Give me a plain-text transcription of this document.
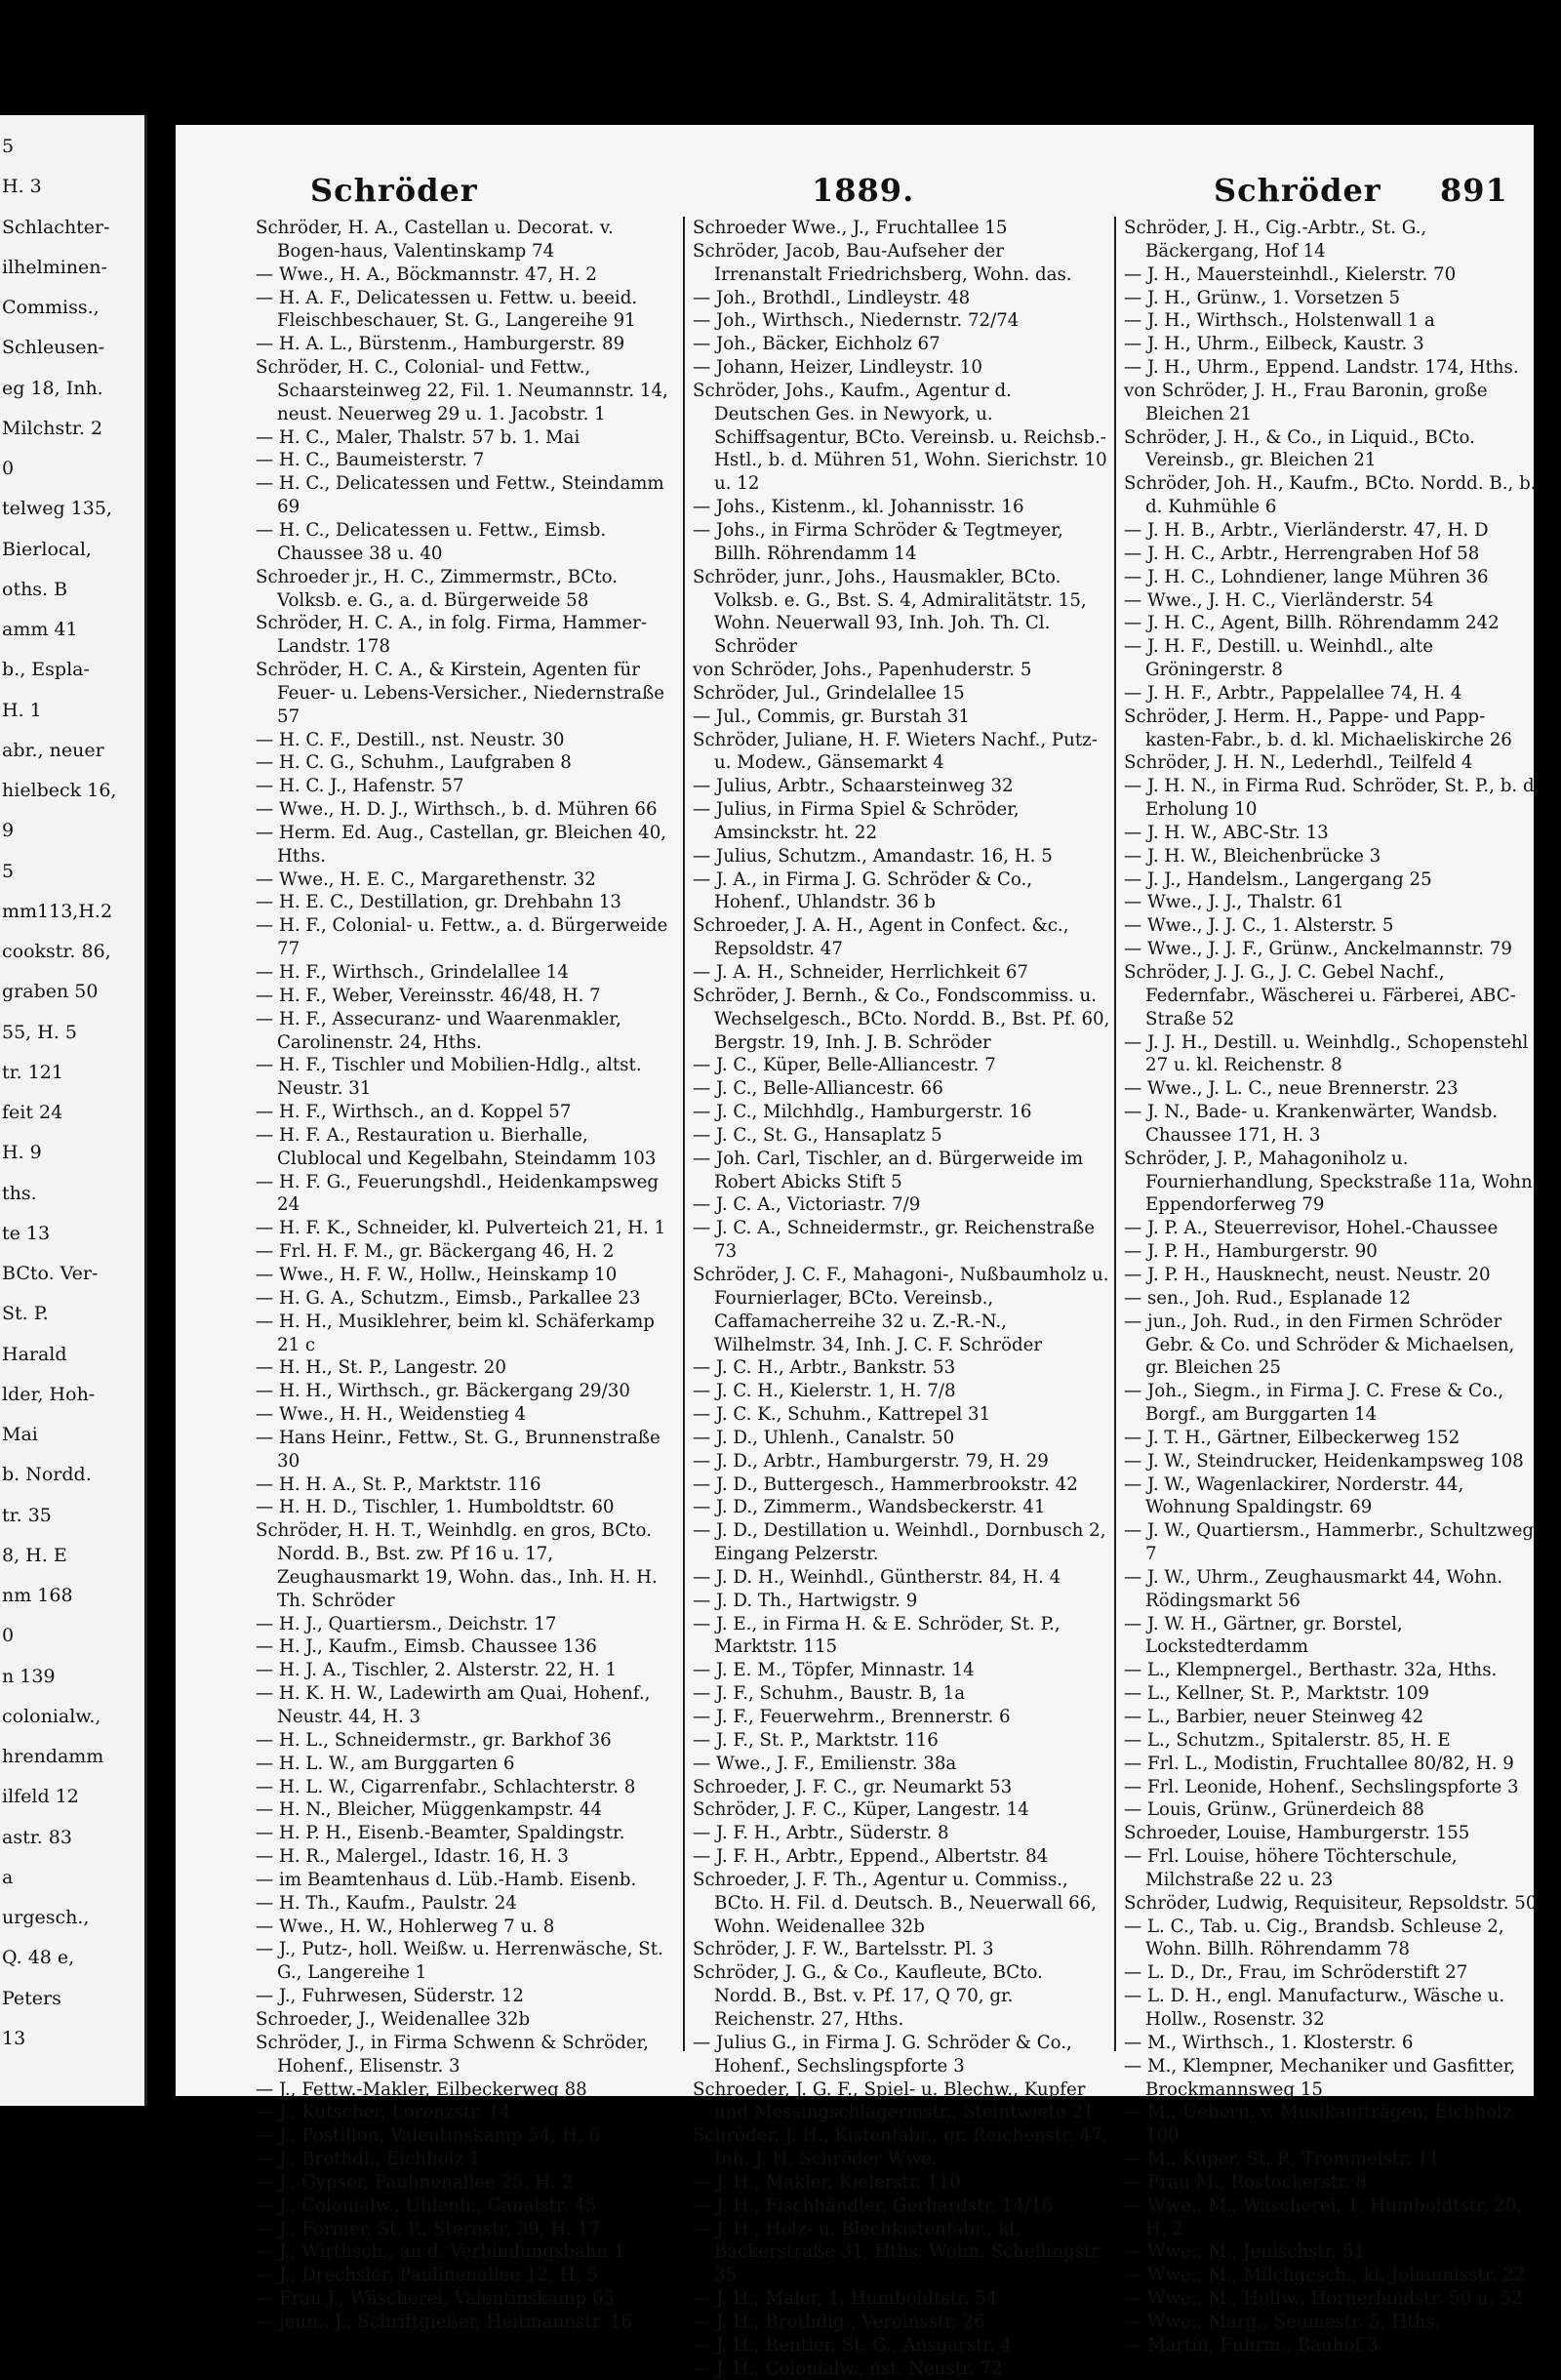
5
H. 3
Schlachter-
ilhelminen-
Commiss.,
Schleusen-
eg 18, Inh.
Milchstr. 2
0
telweg 135,
Bierlocal,
oths. B
amm 41
b., Espla-
H. 1
abr., neuer
hielbeck 16,
9
5
mm113,H.2
cookstr. 86,
graben 50
55, H. 5
tr. 121
feit 24
H. 9
ths.
te 13
BCto. Ver-
St. P.
Harald
lder, Hoh-
Mai
b. Nordd.
tr. 35
8, H. E
nm 168
0
n 139
colonialw.,
hrendamm
ilfeld 12
astr. 83
a
urgesch.,
Q. 48 e,
Peters
13
Schröder	1889.	Schröder 891

Schröder, H. A., Castellan u. Decorat. v. Bogen-haus, Valentinskamp 74

— Wwe., H. A., Böckmannstr. 47, H. 2

— H. A. F., Delicatessen u. Fettw. u. beeid. Fleischbeschauer, St. G., Langereihe 91

— H. A. L., Bürstenm., Hamburgerstr. 89

Schröder, H. C., Colonial- und Fettw., Schaarsteinweg 22, Fil. 1. Neumannstr. 14, neust. Neuerweg 29 u. 1. Jacobstr. 1

— H. C., Maler, Thalstr. 57 b. 1. Mai

— H. C., Baumeisterstr. 7

— H. C., Delicatessen und Fettw., Steindamm 69

— H. C., Delicatessen u. Fettw., Eimsb. Chaussee 38 u. 40

Schroeder jr., H. C., Zimmermstr., BCto. Volksb. e. G., a. d. Bürgerweide 58

Schröder, H. C. A., in folg. Firma, Hammer-Landstr. 178

Schröder, H. C. A., & Kirstein, Agenten für Feuer- u. Lebens-Versicher., Niedernstraße 57

— H. C. F., Destill., nst. Neustr. 30

— H. C. G., Schuhm., Laufgraben 8

— H. C. J., Hafenstr. 57

— Wwe., H. D. J., Wirthsch., b. d. Mühren 66

— Herm. Ed. Aug., Castellan, gr. Bleichen 40, Hths.

— Wwe., H. E. C., Margarethenstr. 32

— H. E. C., Destillation, gr. Drehbahn 13

— H. F., Colonial- u. Fettw., a. d. Bürgerweide 77

— H. F., Wirthsch., Grindelallee 14

— H. F., Weber, Vereinsstr. 46/48, H. 7

— H. F., Assecuranz- und Waarenmakler, Carolinenstr. 24, Hths.

— H. F., Tischler und Mobilien-Hdlg., altst. Neustr. 31

— H. F., Wirthsch., an d. Koppel 57

— H. F. A., Restauration u. Bierhalle, Clublocal und Kegelbahn, Steindamm 103

— H. F. G., Feuerungshdl., Heidenkampsweg 24

— H. F. K., Schneider, kl. Pulverteich 21, H. 1

— Frl. H. F. M., gr. Bäckergang 46, H. 2

— Wwe., H. F. W., Hollw., Heinskamp 10

— H. G. A., Schutzm., Eimsb., Parkallee 23

— H. H., Musiklehrer, beim kl. Schäferkamp 21 c

— H. H., St. P., Langestr. 20

— H. H., Wirthsch., gr. Bäckergang 29/30

— Wwe., H. H., Weidenstieg 4

— Hans Heinr., Fettw., St. G., Brunnenstraße 30

— H. H. A., St. P., Marktstr. 116

— H. H. D., Tischler, 1. Humboldtstr. 60

Schröder, H. H. T., Weinhdlg. en gros, BCto. Nordd. B., Bst. zw. Pf 16 u. 17, Zeughausmarkt 19, Wohn. das., Inh. H. H. Th. Schröder

— H. J., Quartiersm., Deichstr. 17

— H. J., Kaufm., Eimsb. Chaussee 136

— H. J. A., Tischler, 2. Alsterstr. 22, H. 1

— H. K. H. W., Ladewirth am Quai, Hohenf., Neustr. 44, H. 3

— H. L., Schneidermstr., gr. Barkhof 36

— H. L. W., am Burggarten 6

— H. L. W., Cigarrenfabr., Schlachterstr. 8

— H. N., Bleicher, Müggenkampstr. 44

— H. P. H., Eisenb.-Beamter, Spaldingstr.

— H. R., Malergel., Idastr. 16, H. 3

— im Beamtenhaus d. Lüb.-Hamb. Eisenb.

— H. Th., Kaufm., Paulstr. 24

— Wwe., H. W., Hohlerweg 7 u. 8

— J., Putz-, holl. Weißw. u. Herrenwäsche, St. G., Langereihe 1

— J., Fuhrwesen, Süderstr. 12

Schroeder, J., Weidenallee 32b

Schröder, J., in Firma Schwenn & Schröder, Hohenf., Elisenstr. 3

— J., Fettw.-Makler, Eilbeckerweg 88

— J., Kutscher, Lorenzstr. 14

— J., Postillon, Valentinskamp 54, H. 6

— J., Brothdl., Eichholz 1

— J., Gypser, Paulinenallee 25, H. 2

— J., Colonialw., Uhlenh., Canalstr. 45

— J., Former, St. P., Sternstr. 39, H. 17

— J., Wirthsch., an d. Verbindungsbahn 1

— J., Drechsler, Paulinenallee 12, H. 5

— Frau J., Wäscherei, Valentinskamp 65

— jeun., J., Schriftgießer, Heitmannstr. 16

Schroeder Wwe., J., Fruchtallee 15

Schröder, Jacob, Bau-Aufseher der Irrenanstalt Friedrichsberg, Wohn. das.

— Joh., Brothdl., Lindleystr. 48

— Joh., Wirthsch., Niedernstr. 72/74

— Joh., Bäcker, Eichholz 67

— Johann, Heizer, Lindleystr. 10

Schröder, Johs., Kaufm., Agentur d. Deutschen Ges. in Newyork, u. Schiffsagentur, BCto. Vereinsb. u. Reichsb.-Hstl., b. d. Mühren 51, Wohn. Sierichstr. 10 u. 12

— Johs., Kistenm., kl. Johannisstr. 16

— Johs., in Firma Schröder & Tegtmeyer, Billh. Röhrendamm 14

Schröder, junr., Johs., Hausmakler, BCto. Volksb. e. G., Bst. S. 4, Admiralitätstr. 15, Wohn. Neuerwall 93, Inh. Joh. Th. Cl. Schröder

von Schröder, Johs., Papenhuderstr. 5

Schröder, Jul., Grindelallee 15

— Jul., Commis, gr. Burstah 31

Schröder, Juliane, H. F. Wieters Nachf., Putz- u. Modew., Gänsemarkt 4

— Julius, Arbtr., Schaarsteinweg 32

— Julius, in Firma Spiel & Schröder, Amsinckstr. ht. 22

— Julius, Schutzm., Amandastr. 16, H. 5

— J. A., in Firma J. G. Schröder & Co., Hohenf., Uhlandstr. 36 b

Schroeder, J. A. H., Agent in Confect. &c., Repsoldstr. 47

— J. A. H., Schneider, Herrlichkeit 67

Schröder, J. Bernh., & Co., Fondscommiss. u. Wechselgesch., BCto. Nordd. B., Bst. Pf. 60, Bergstr. 19, Inh. J. B. Schröder

— J. C., Küper, Belle-Alliancestr. 7

— J. C., Belle-Alliancestr. 66

— J. C., Milchhdlg., Hamburgerstr. 16

— J. C., St. G., Hansaplatz 5

— Joh. Carl, Tischler, an d. Bürgerweide im Robert Abicks Stift 5

— J. C. A., Victoriastr. 7/9

— J. C. A., Schneidermstr., gr. Reichenstraße 73

Schröder, J. C. F., Mahagoni-, Nußbaumholz u. Fournierlager, BCto. Vereinsb., Caffamacherreihe 32 u. Z.-R.-N., Wilhelmstr. 34, Inh. J. C. F. Schröder

— J. C. H., Arbtr., Bankstr. 53

— J. C. H., Kielerstr. 1, H. 7/8

— J. C. K., Schuhm., Kattrepel 31

— J. D., Uhlenh., Canalstr. 50

— J. D., Arbtr., Hamburgerstr. 79, H. 29

— J. D., Buttergesch., Hammerbrookstr. 42

— J. D., Zimmerm., Wandsbeckerstr. 41

— J. D., Destillation u. Weinhdl., Dornbusch 2, Eingang Pelzerstr.

— J. D. H., Weinhdl., Güntherstr. 84, H. 4

— J. D. Th., Hartwigstr. 9

— J. E., in Firma H. & E. Schröder, St. P., Marktstr. 115

— J. E. M., Töpfer, Minnastr. 14

— J. F., Schuhm., Baustr. B, 1a

— J. F., Feuerwehrm., Brennerstr. 6

— J. F., St. P., Marktstr. 116

— Wwe., J. F., Emilienstr. 38a

Schroeder, J. F. C., gr. Neumarkt 53

Schröder, J. F. C., Küper, Langestr. 14

— J. F. H., Arbtr., Süderstr. 8

— J. F. H., Arbtr., Eppend., Albertstr. 84

Schroeder, J. F. Th., Agentur u. Commiss., BCto. H. Fil. d. Deutsch. B., Neuerwall 66, Wohn. Weidenallee 32b

Schröder, J. F. W., Bartelsstr. Pl. 3

Schröder, J. G., & Co., Kaufleute, BCto. Nordd. B., Bst. v. Pf. 17, Q 70, gr. Reichenstr. 27, Hths.

— Julius G., in Firma J. G. Schröder & Co., Hohenf., Sechslingspforte 3

Schroeder, J. G. F., Spiel- u. Blechw., Kupfer und Messingschlägermstr., Steintwiete 21

Schröder, J. H., Kistenfabr., gr. Reichenstr. 47, Inh. J. H. Schröder Wwe.

— J. H., Makler, Kielerstr. 110

— J. H., Fischhändler, Gerhardstr. 14/16

— J. H., Holz- u. Blechkistenfabr., kl. Bäckerstraße 31, Hths. Wohn. Schellingstr. 35

— J. H., Maler, 1. Humboldtstr. 54

— J. H., Brothdlg., Vereinsstr. 26

— J. H., Rentier, St. G., Ansgarstr. 4

— J. H., Colonialw., nst. Neustr. 72

Schröder, J. H., Cig.-Arbtr., St. G., Bäckergang, Hof 14

— J. H., Mauersteinhdl., Kielerstr. 70

— J. H., Grünw., 1. Vorsetzen 5

— J. H., Wirthsch., Holstenwall 1 a

— J. H., Uhrm., Eilbeck, Kaustr. 3

— J. H., Uhrm., Eppend. Landstr. 174, Hths.

von Schröder, J. H., Frau Baronin, große Bleichen 21

Schröder, J. H., & Co., in Liquid., BCto. Vereinsb., gr. Bleichen 21

Schröder, Joh. H., Kaufm., BCto. Nordd. B., b. d. Kuhmühle 6

— J. H. B., Arbtr., Vierländerstr. 47, H. D

— J. H. C., Arbtr., Herrengraben Hof 58

— J. H. C., Lohndiener, lange Mühren 36

— Wwe., J. H. C., Vierländerstr. 54

— J. H. C., Agent, Billh. Röhrendamm 242

— J. H. F., Destill. u. Weinhdl., alte Gröningerstr. 8

— J. H. F., Arbtr., Pappelallee 74, H. 4

Schröder, J. Herm. H., Pappe- und Papp-kasten-Fabr., b. d. kl. Michaeliskirche 26

Schröder, J. H. N., Lederhdl., Teilfeld 4

— J. H. N., in Firma Rud. Schröder, St. P., b. d. Erholung 10

— J. H. W., ABC-Str. 13

— J. H. W., Bleichenbrücke 3

— J. J., Handelsm., Langergang 25

— Wwe., J. J., Thalstr. 61

— Wwe., J. J. C., 1. Alsterstr. 5

— Wwe., J. J. F., Grünw., Anckelmannstr. 79

Schröder, J. J. G., J. C. Gebel Nachf., Federnfabr., Wäscherei u. Färberei, ABC-Straße 52

— J. J. H., Destill. u. Weinhdlg., Schopenstehl 27 u. kl. Reichenstr. 8

— Wwe., J. L. C., neue Brennerstr. 23

— J. N., Bade- u. Krankenwärter, Wandsb. Chaussee 171, H. 3

Schröder, J. P., Mahagoniholz u. Fournierhandlung, Speckstraße 11a, Wohn. Eppendorferweg 79

— J. P. A., Steuerrevisor, Hohel.-Chaussee

— J. P. H., Hamburgerstr. 90

— J. P. H., Hausknecht, neust. Neustr. 20

— sen., Joh. Rud., Esplanade 12

— jun., Joh. Rud., in den Firmen Schröder Gebr. & Co. und Schröder & Michaelsen, gr. Bleichen 25

— Joh., Siegm., in Firma J. C. Frese & Co., Borgf., am Burggarten 14

— J. T. H., Gärtner, Eilbeckerweg 152

— J. W., Steindrucker, Heidenkampsweg 108

— J. W., Wagenlackirer, Norderstr. 44, Wohnung Spaldingstr. 69

— J. W., Quartiersm., Hammerbr., Schultzweg 7

— J. W., Uhrm., Zeughausmarkt 44, Wohn. Rödingsmarkt 56

— J. W. H., Gärtner, gr. Borstel, Lockstedterdamm

— L., Klempnergel., Berthastr. 32a, Hths.

— L., Kellner, St. P., Marktstr. 109

— L., Barbier, neuer Steinweg 42

— L., Schutzm., Spitalerstr. 85, H. E

— Frl. L., Modistin, Fruchtallee 80/82, H. 9

— Frl. Leonide, Hohenf., Sechslingspforte 3

— Louis, Grünw., Grünerdeich 88

Schroeder, Louise, Hamburgerstr. 155

— Frl. Louise, höhere Töchterschule, Milchstraße 22 u. 23

Schröder, Ludwig, Requisiteur, Repsoldstr. 50

— L. C., Tab. u. Cig., Brandsb. Schleuse 2, Wohn. Billh. Röhrendamm 78

— L. D., Dr., Frau, im Schröderstift 27

— L. D. H., engl. Manufacturw., Wäsche u. Hollw., Rosenstr. 32

— M., Wirthsch., 1. Klosterstr. 6

— M., Klempner, Mechaniker und Gasfitter, Brockmannsweg 15

— M., Uebern. v. Musikaufträgen, Eichholz 100

— M., Küper, St. P., Trommelstr. 11

— Frau M., Rostockerstr. 8

— Wwe., M., Wäscherei, 1. Humboldtstr. 20, H. 2

— Wwe., M., Jenischstr. 51

— Wwe., M., Milchgesch., kl. Johannisstr. 22

— Wwe., M., Hollw., Hornerlandstr. 50 u. 52

— Wwe., Marg., Seumestr. 5, Hths.

— Martin, Fuhrm., Bauhof 3
